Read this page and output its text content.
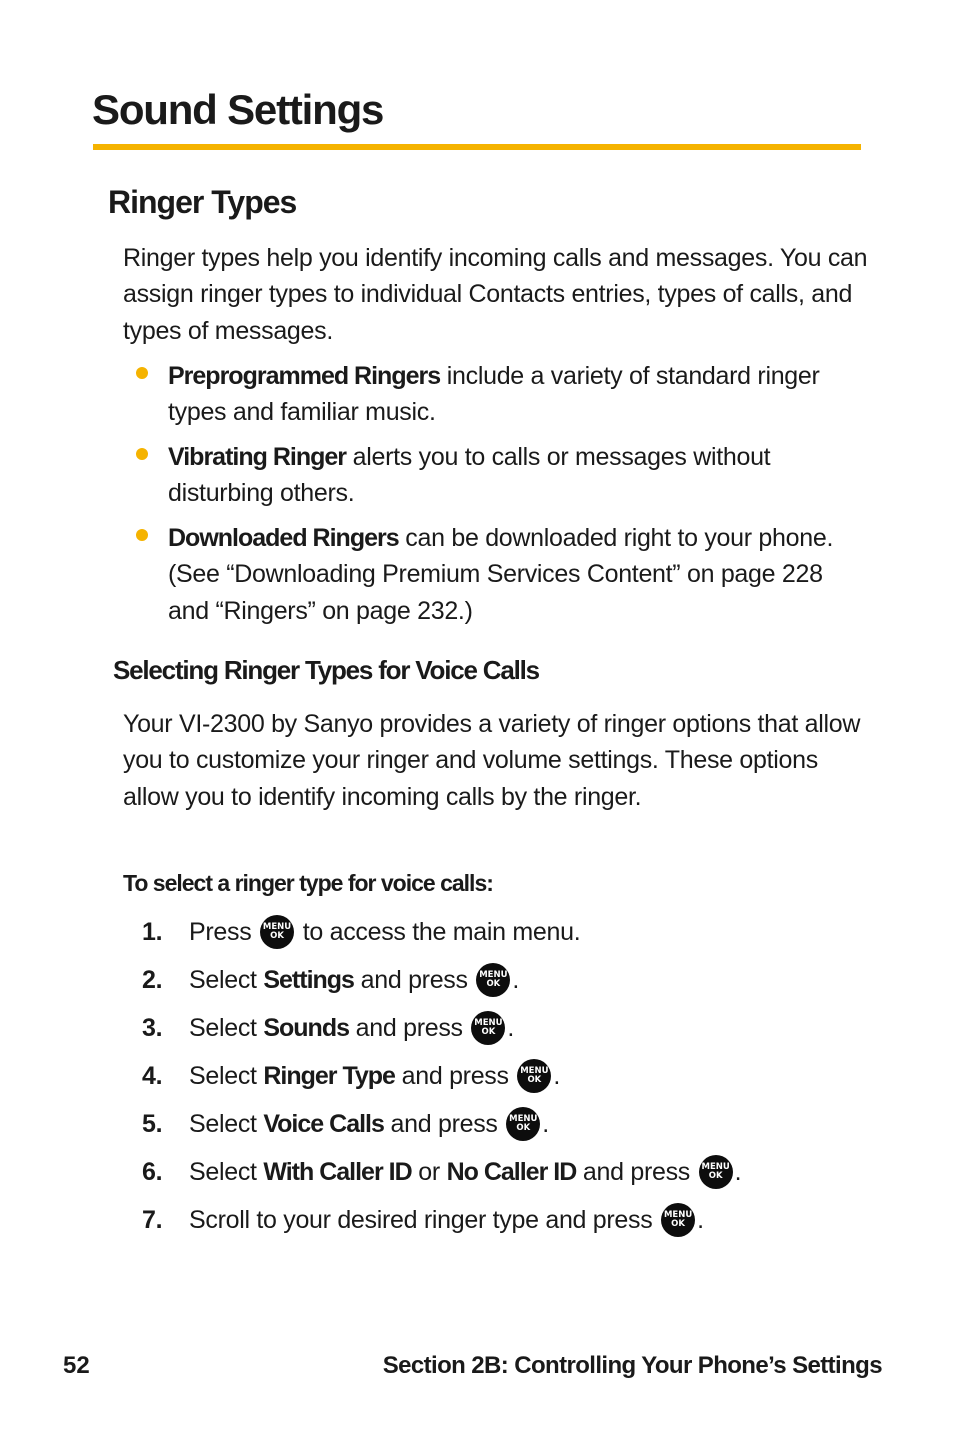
Sound Settings
Ringer Types

Ringer types help you identify incoming calls and messages. You can assign ringer types to individual Contacts entries, types of calls, and types of messages.

Preprogrammed Ringers include a variety of standard ringer types and familiar music.
Vibrating Ringer alerts you to calls or messages without disturbing others.
Downloaded Ringers can be downloaded right to your phone. (See “Downloading Premium Services Content” on page 228 and “Ringers” on page 232.)
Selecting Ringer Types for Voice Calls

Your VI-2300 by Sanyo provides a variety of ringer options that allow you to customize your ringer and volume settings. These options allow you to identify incoming calls by the ringer.

To select a ringer type for voice calls:

1. Press MENU
OK to access the main menu.
2. Select Settings and press MENU
OK .
3. Select Sounds and press MENU
OK .
4. Select Ringer Type and press MENU
OK .
5. Select Voice Calls and press MENU
OK .
6. Select With Caller ID or No Caller ID and press MENU
OK .
7. Scroll to your desired ringer type and press MENU
OK .

52	Section 2B: Controlling Your Phone’s Settings
